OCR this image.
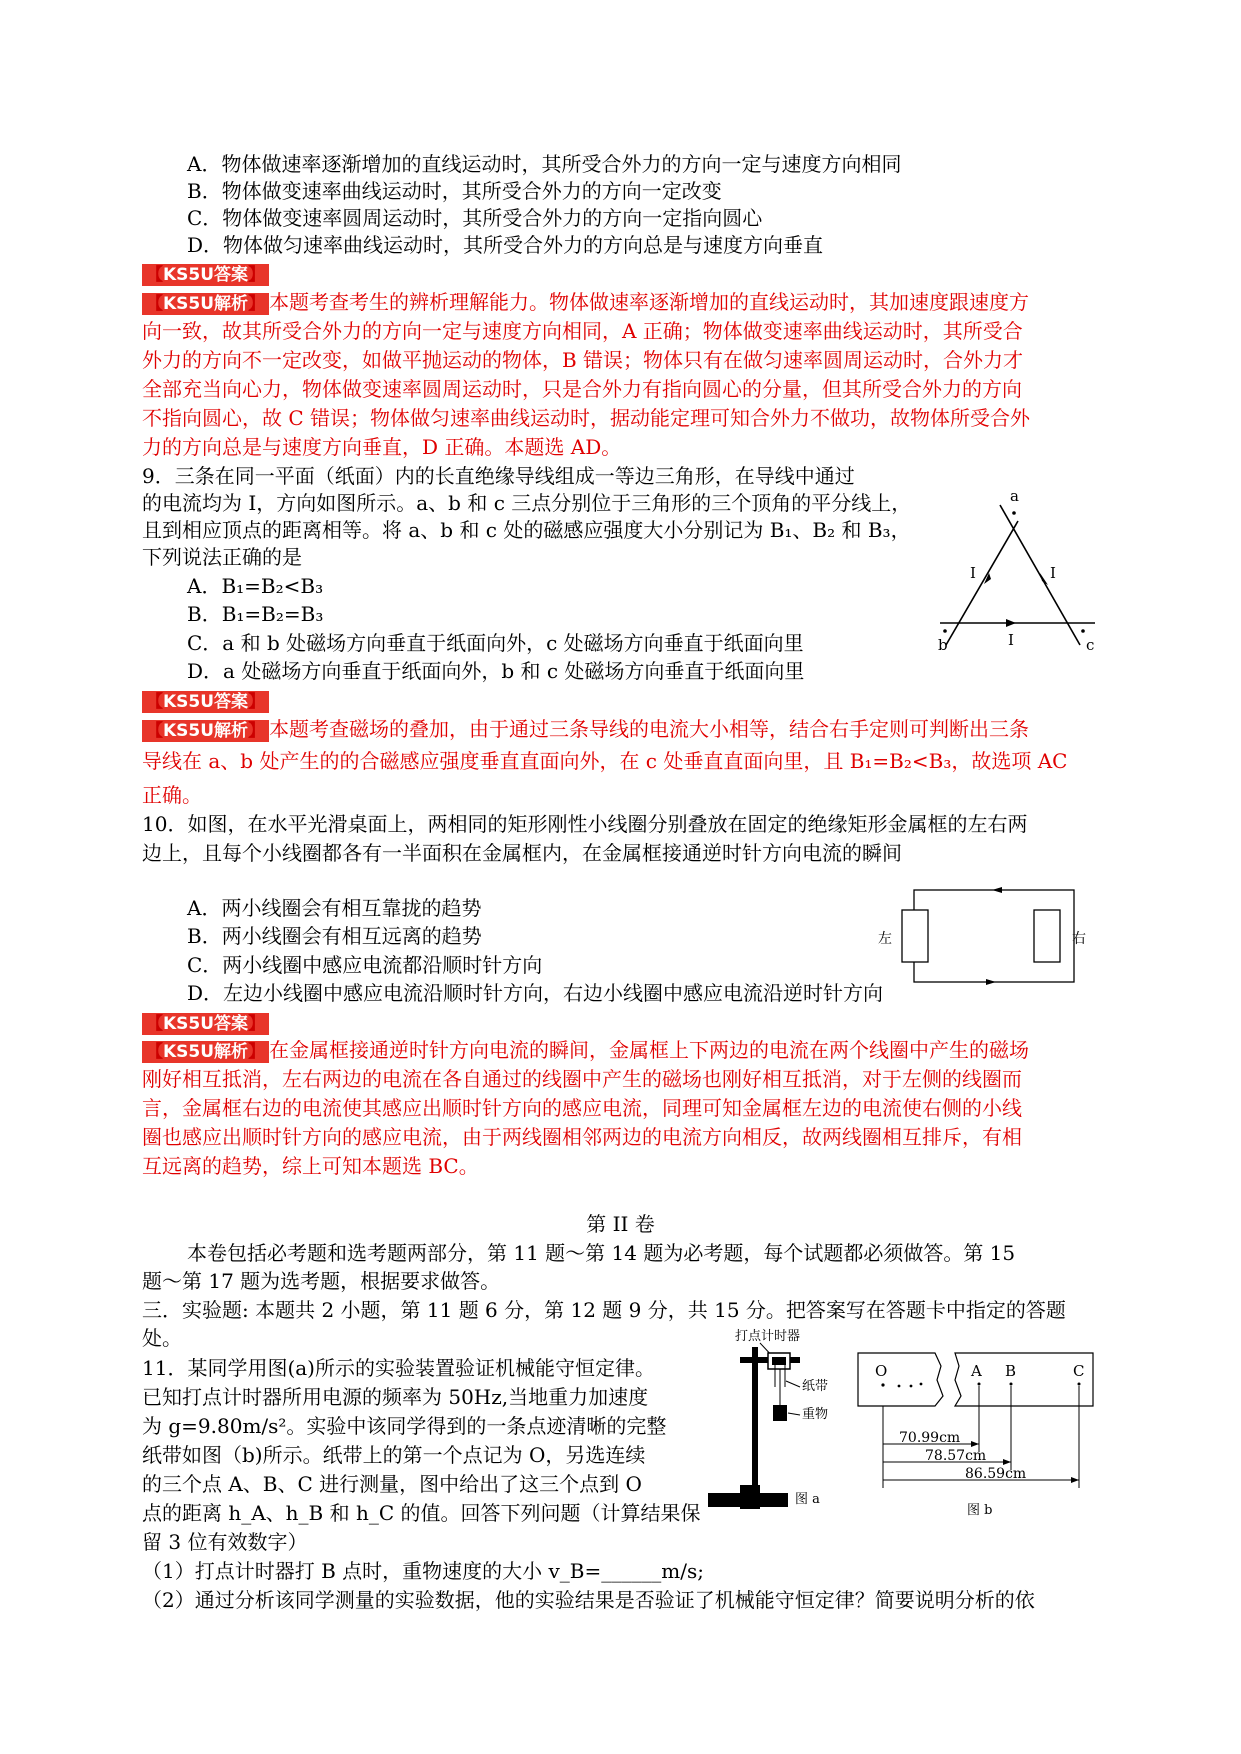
A．物体做速率逐渐增加的直线运动时，其所受合外力的方向一定与速度方向相同
B．物体做变速率曲线运动时，其所受合外力的方向一定改变
C．物体做变速率圆周运动时，其所受合外力的方向一定指向圆心
D．物体做匀速率曲线运动时，其所受合外力的方向总是与速度方向垂直
【 KS5U答案 】
【 KS5U解析 】 本题考查考生的辨析理解能力。物体做速率逐渐增加的直线运动时，其加速度跟速度方
向一致，故其所受合外力的方向一定与速度方向相同，A 正确；物体做变速率曲线运动时，其所受合
外力的方向不一定改变，如做平抛运动的物体，B 错误；物体只有在做匀速率圆周运动时，合外力才
全部充当向心力，物体做变速率圆周运动时，只是合外力有指向圆心的分量，但其所受合外力的方向
不指向圆心，故 C 错误；物体做匀速率曲线运动时，据动能定理可知合外力不做功，故物体所受合外
力的方向总是与速度方向垂直，D 正确。本题选 AD。
9．三条在同一平面（纸面）内的长直绝缘导线组成一等边三角形，在导线中通过
的电流均为 I，方向如图所示。a、b 和 c 三点分别位于三角形的三个顶角的平分线上，
且到相应顶点的距离相等。将 a、b 和 c 处的磁感应强度大小分别记为 B₁、B₂ 和 B₃，
下列说法正确的是
A．B₁=B₂<B₃
B．B₁=B₂=B₃
C．a 和 b 处磁场方向垂直于纸面向外，c 处磁场方向垂直于纸面向里
D．a 处磁场方向垂直于纸面向外，b 和 c 处磁场方向垂直于纸面向里
a
b	c
I	I
I
【 KS5U答案 】
【 KS5U解析 】 本题考查磁场的叠加，由于通过三条导线的电流大小相等，结合右手定则可判断出三条
导线在 a、b 处产生的的合磁感应强度垂直直面向外，在 c 处垂直直面向里，且 B₁=B₂<B₃，故选项 AC
正确。
10．如图，在水平光滑桌面上，两相同的矩形刚性小线圈分别叠放在固定的绝缘矩形金属框的左右两
边上，且每个小线圈都各有一半面积在金属框内，在金属框接通逆时针方向电流的瞬间
A．两小线圈会有相互靠拢的趋势
B．两小线圈会有相互远离的趋势
C．两小线圈中感应电流都沿顺时针方向
D．左边小线圈中感应电流沿顺时针方向，右边小线圈中感应电流沿逆时针方向
左	右
【 KS5U答案 】
【 KS5U解析 】 在金属框接通逆时针方向电流的瞬间，金属框上下两边的电流在两个线圈中产生的磁场
刚好相互抵消，左右两边的电流在各自通过的线圈中产生的磁场也刚好相互抵消，对于左侧的线圈而
言，金属框右边的电流使其感应出顺时针方向的感应电流，同理可知金属框左边的电流使右侧的小线
圈也感应出顺时针方向的感应电流，由于两线圈相邻两边的电流方向相反，故两线圈相互排斥，有相
互远离的趋势，综上可知本题选 BC。
第 II 卷
本卷包括必考题和选考题两部分，第 11 题～第 14 题为必考题，每个试题都必须做答。第 15
题～第 17 题为选考题，根据要求做答。
三．实验题: 本题共 2 小题，第 11 题 6 分，第 12 题 9 分，共 15 分。把答案写在答题卡中指定的答题
处。
11．某同学用图(a)所示的实验装置验证机械能守恒定律。
已知打点计时器所用电源的频率为 50Hz,当地重力加速度
为 g=9.80m/s²。实验中该同学得到的一条点迹清晰的完整
纸带如图（b)所示。纸带上的第一个点记为 O，另选连续
的三个点 A、B、C 进行测量，图中给出了这三个点到 O
点的距离 h_A、h_B 和 h_C 的值。回答下列问题（计算结果保
留 3 位有效数字）
（1）打点计时器打 B 点时，重物速度的大小 v_B=______m/s;
（2）通过分析该同学测量的实验数据，他的实验结果是否验证了机械能守恒定律？简要说明分析的依
打点计时器
纸带
重物
图 a
O	A B	C
70.99cm
78.57cm
86.59cm
图 b
